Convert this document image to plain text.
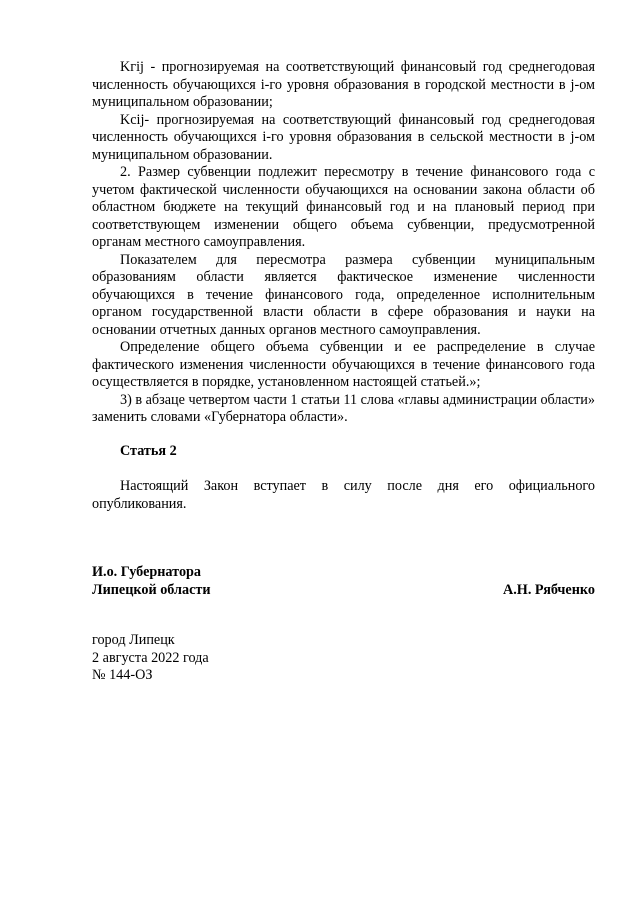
Kгij - прогнозируемая на соответствующий финансовый год среднегодовая численность обучающихся i-го уровня образования в городской местности в j-ом муниципальном образовании;

Kсij- прогнозируемая на соответствующий финансовый год среднегодовая численность обучающихся i-го уровня образования в сельской местности в j-ом муниципальном образовании.

2. Размер субвенции подлежит пересмотру в течение финансового года с учетом фактической численности обучающихся на основании закона области об областном бюджете на текущий финансовый год и на плановый период при соответствующем изменении общего объема субвенции, предусмотренной органам местного самоуправления.

Показателем для пересмотра размера субвенции муниципальным образованиям области является фактическое изменение численности обучающихся в течение финансового года, определенное исполнительным органом государственной власти области в сфере образования и науки на основании отчетных данных органов местного самоуправления.

Определение общего объема субвенции и ее распределение в случае фактического изменения численности обучающихся в течение финансового года осуществляется в порядке, установленном настоящей статьей.»;

3) в абзаце четвертом части 1 статьи 11 слова «главы администрации области» заменить словами «Губернатора области».

Статья 2

Настоящий Закон вступает в силу после дня его официального опубликования.

И.о. Губернатора
Липецкой области	А.Н. Рябченко
город Липецк
2 августа 2022 года
№ 144-ОЗ
